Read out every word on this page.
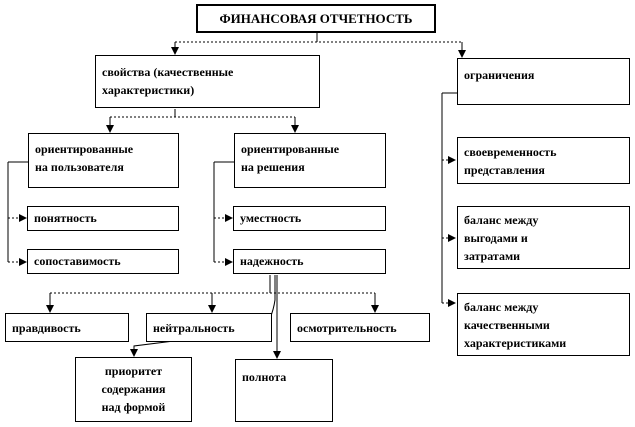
ФИНАНСОВАЯ ОТЧЕТНОСТЬ
свойства (качественные
характеристики)
ограничения
ориентированные
на пользователя
ориентированные
на решения
понятность
сопоставимость
уместность
надежность
своевременность
представления
баланс между
выгодами и
затратами
баланс между
качественными
характеристиками
правдивость	нейтральность	осмотрительность
приоритет
содержания
над формой
полнота
